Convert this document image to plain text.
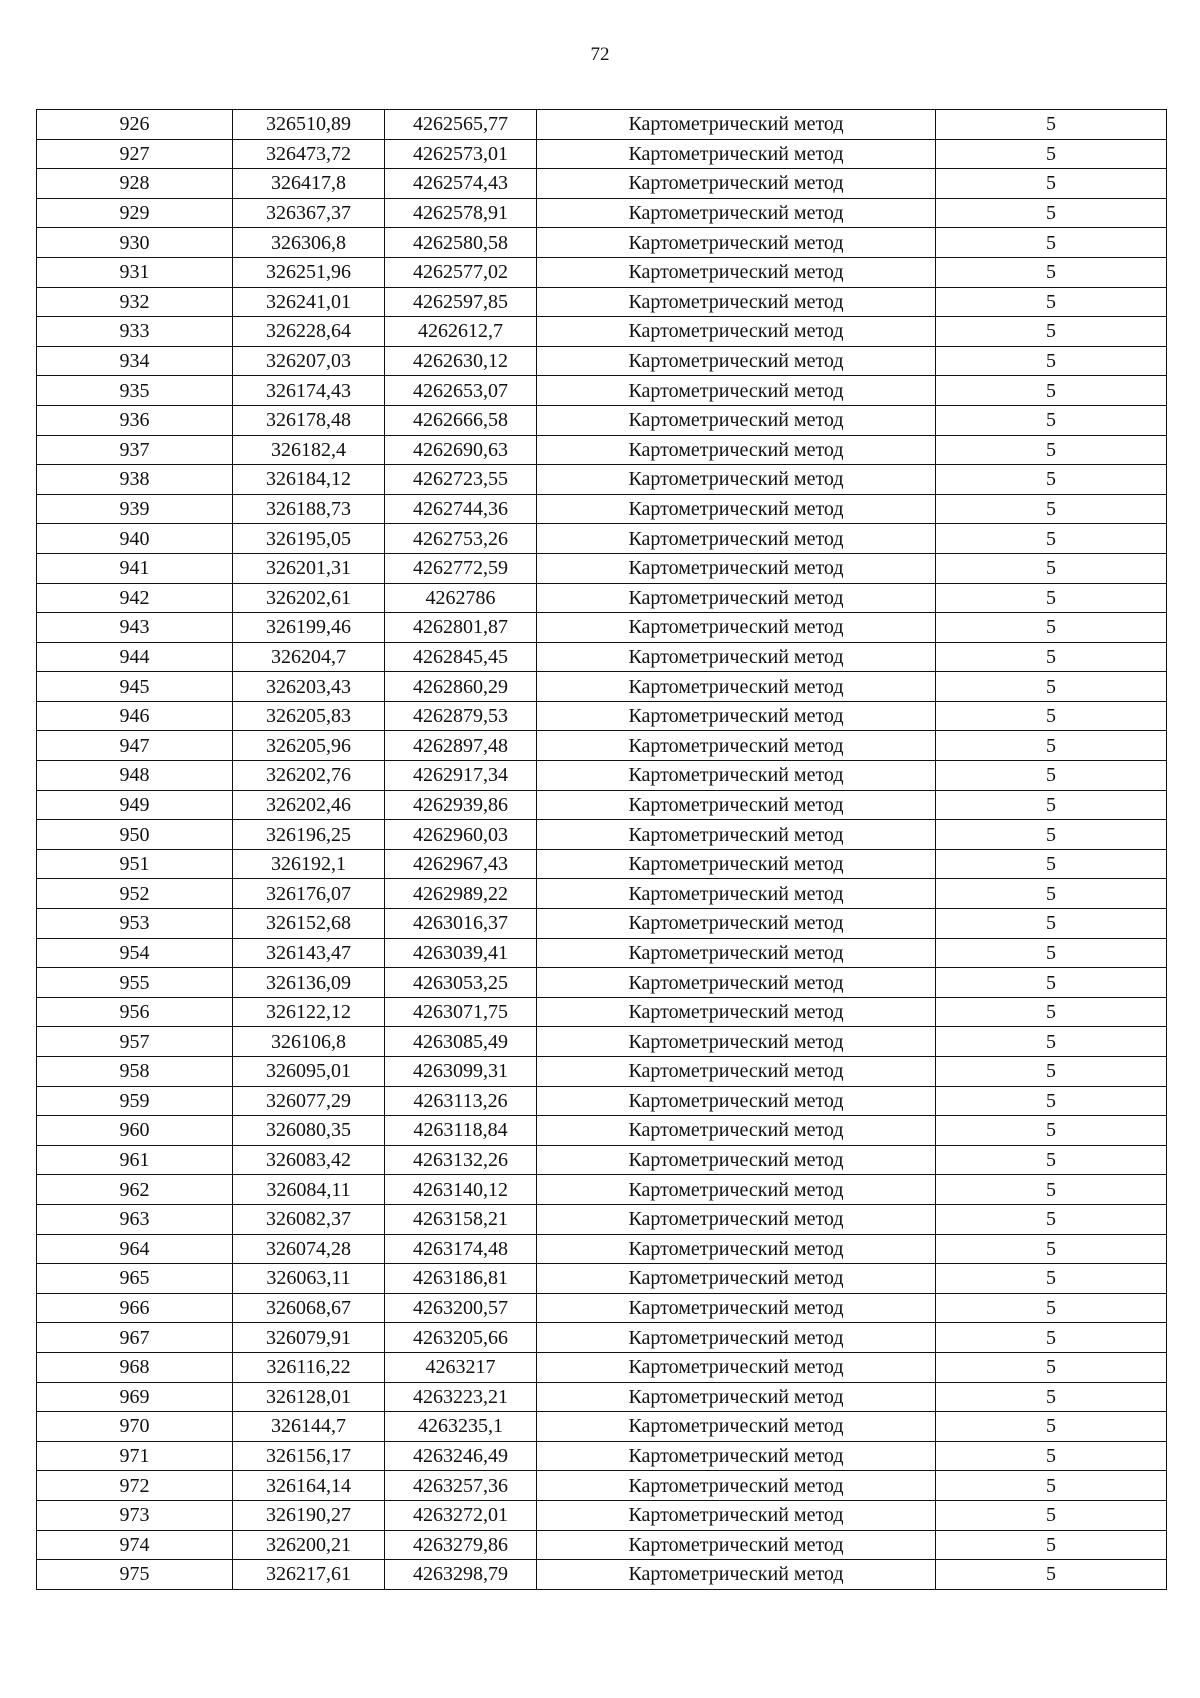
72
926	326510,89	4262565,77	Картометрический метод	5
927	326473,72	4262573,01	Картометрический метод	5
928	326417,8	4262574,43	Картометрический метод	5
929	326367,37	4262578,91	Картометрический метод	5
930	326306,8	4262580,58	Картометрический метод	5
931	326251,96	4262577,02	Картометрический метод	5
932	326241,01	4262597,85	Картометрический метод	5
933	326228,64	4262612,7	Картометрический метод	5
934	326207,03	4262630,12	Картометрический метод	5
935	326174,43	4262653,07	Картометрический метод	5
936	326178,48	4262666,58	Картометрический метод	5
937	326182,4	4262690,63	Картометрический метод	5
938	326184,12	4262723,55	Картометрический метод	5
939	326188,73	4262744,36	Картометрический метод	5
940	326195,05	4262753,26	Картометрический метод	5
941	326201,31	4262772,59	Картометрический метод	5
942	326202,61	4262786	Картометрический метод	5
943	326199,46	4262801,87	Картометрический метод	5
944	326204,7	4262845,45	Картометрический метод	5
945	326203,43	4262860,29	Картометрический метод	5
946	326205,83	4262879,53	Картометрический метод	5
947	326205,96	4262897,48	Картометрический метод	5
948	326202,76	4262917,34	Картометрический метод	5
949	326202,46	4262939,86	Картометрический метод	5
950	326196,25	4262960,03	Картометрический метод	5
951	326192,1	4262967,43	Картометрический метод	5
952	326176,07	4262989,22	Картометрический метод	5
953	326152,68	4263016,37	Картометрический метод	5
954	326143,47	4263039,41	Картометрический метод	5
955	326136,09	4263053,25	Картометрический метод	5
956	326122,12	4263071,75	Картометрический метод	5
957	326106,8	4263085,49	Картометрический метод	5
958	326095,01	4263099,31	Картометрический метод	5
959	326077,29	4263113,26	Картометрический метод	5
960	326080,35	4263118,84	Картометрический метод	5
961	326083,42	4263132,26	Картометрический метод	5
962	326084,11	4263140,12	Картометрический метод	5
963	326082,37	4263158,21	Картометрический метод	5
964	326074,28	4263174,48	Картометрический метод	5
965	326063,11	4263186,81	Картометрический метод	5
966	326068,67	4263200,57	Картометрический метод	5
967	326079,91	4263205,66	Картометрический метод	5
968	326116,22	4263217	Картометрический метод	5
969	326128,01	4263223,21	Картометрический метод	5
970	326144,7	4263235,1	Картометрический метод	5
971	326156,17	4263246,49	Картометрический метод	5
972	326164,14	4263257,36	Картометрический метод	5
973	326190,27	4263272,01	Картометрический метод	5
974	326200,21	4263279,86	Картометрический метод	5
975	326217,61	4263298,79	Картометрический метод	5
